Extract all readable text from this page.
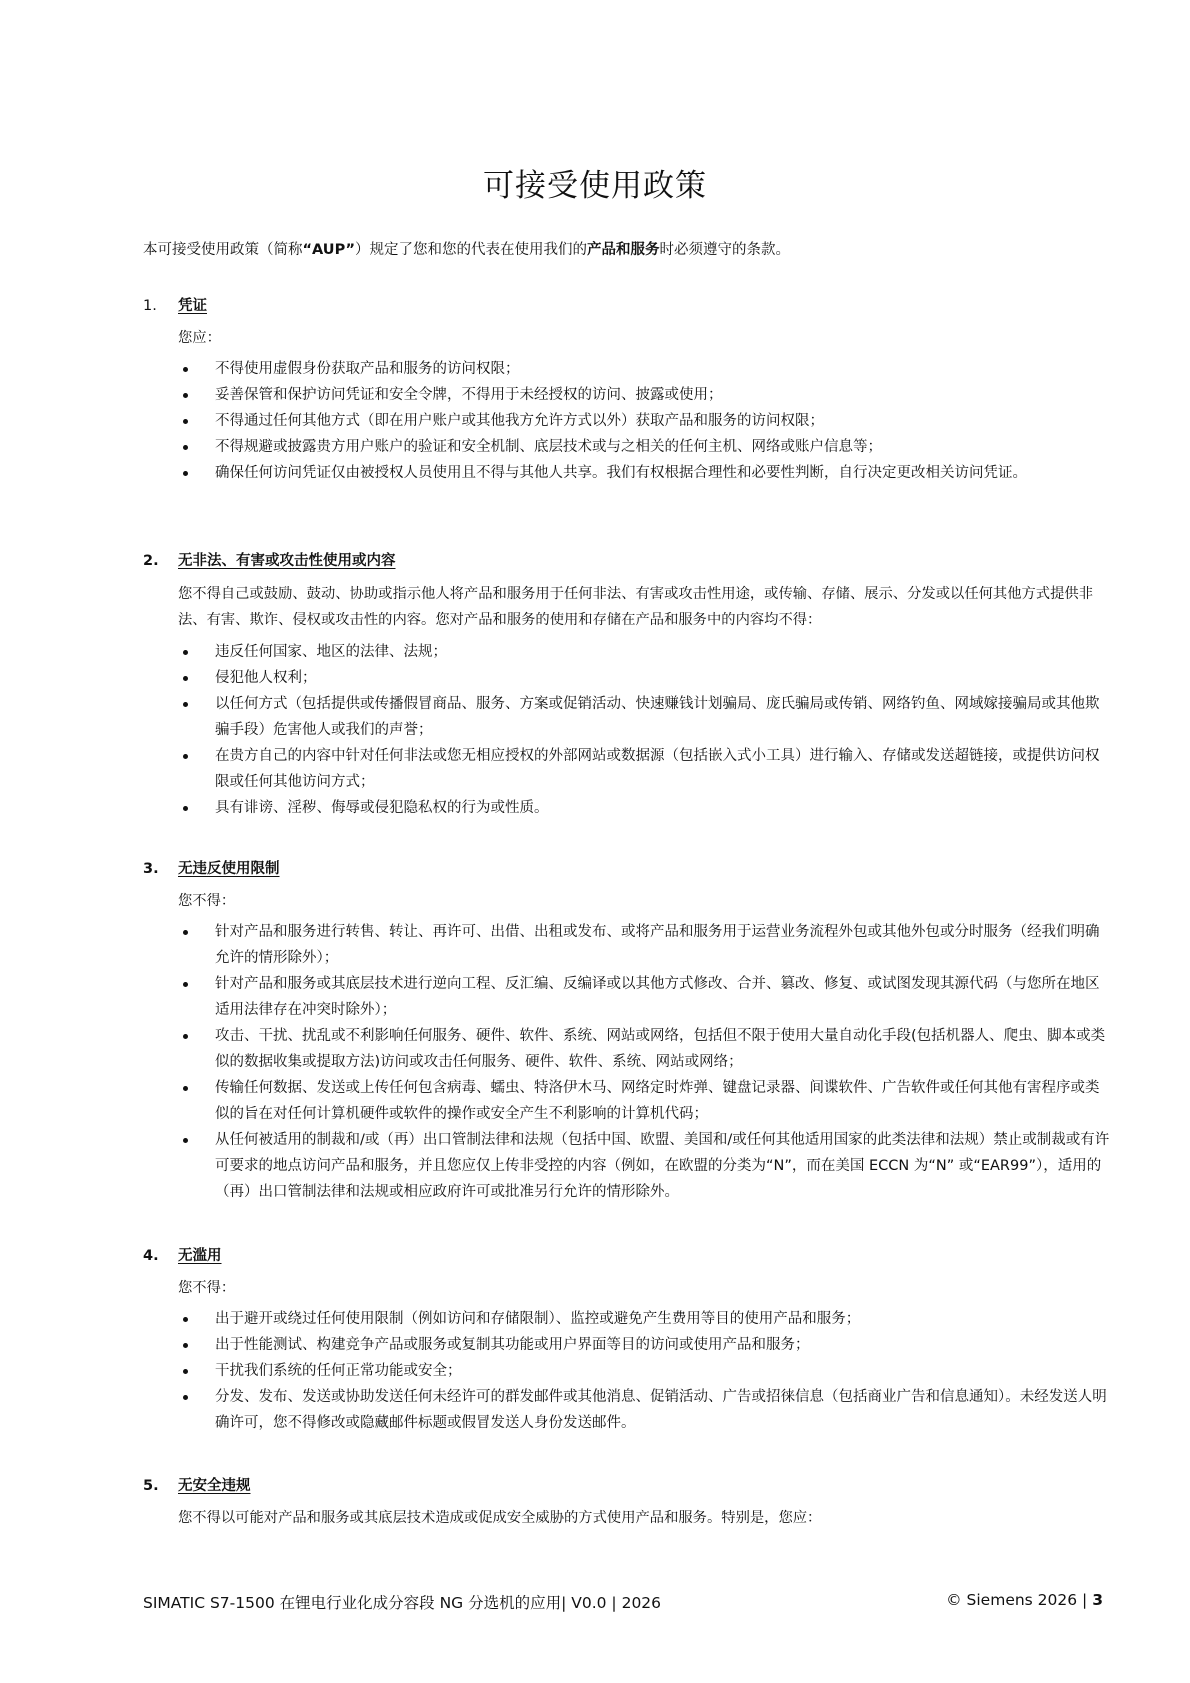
可接受使用政策

本可接受使用政策（简称“AUP”）规定了您和您的代表在使用我们的产品和服务时必须遵守的条款。

1. 凭证

您应：

不得使用虚假身份获取产品和服务的访问权限；
妥善保管和保护访问凭证和安全令牌，不得用于未经授权的访问、披露或使用；
不得通过任何其他方式（即在用户账户或其他我方允许方式以外）获取产品和服务的访问权限；
不得规避或披露贵方用户账户的验证和安全机制、底层技术或与之相关的任何主机、网络或账户信息等；
确保任何访问凭证仅由被授权人员使用且不得与其他人共享。我们有权根据合理性和必要性判断，自行决定更改相关访问凭证。
2. 无非法、有害或攻击性使用或内容

您不得自己或鼓励、鼓动、协助或指示他人将产品和服务用于任何非法、有害或攻击性用途，或传输、存储、展示、分发或以任何其他方式提供非法、有害、欺诈、侵权或攻击性的内容。您对产品和服务的使用和存储在产品和服务中的内容均不得：

违反任何国家、地区的法律、法规；
侵犯他人权利；
以任何方式（包括提供或传播假冒商品、服务、方案或促销活动、快速赚钱计划骗局、庞氏骗局或传销、网络钓鱼、网域嫁接骗局或其他欺骗手段）危害他人或我们的声誉；
在贵方自己的内容中针对任何非法或您无相应授权的外部网站或数据源（包括嵌入式小工具）进行输入、存储或发送超链接，或提供访问权限或任何其他访问方式；
具有诽谤、淫秽、侮辱或侵犯隐私权的行为或性质。
3. 无违反使用限制

您不得：

针对产品和服务进行转售、转让、再许可、出借、出租或发布、或将产品和服务用于运营业务流程外包或其他外包或分时服务（经我们明确允许的情形除外）；
针对产品和服务或其底层技术进行逆向工程、反汇编、反编译或以其他方式修改、合并、篡改、修复、或试图发现其源代码（与您所在地区适用法律存在冲突时除外）；
攻击、干扰、扰乱或不利影响任何服务、硬件、软件、系统、网站或网络，包括但不限于使用大量自动化手段(包括机器人、爬虫、脚本或类似的数据收集或提取方法)访问或攻击任何服务、硬件、软件、系统、网站或网络；
传输任何数据、发送或上传任何包含病毒、蠕虫、特洛伊木马、网络定时炸弹、键盘记录器、间谍软件、广告软件或任何其他有害程序或类似的旨在对任何计算机硬件或软件的操作或安全产生不利影响的计算机代码；
从任何被适用的制裁和/或（再）出口管制法律和法规（包括中国、欧盟、美国和/或任何其他适用国家的此类法律和法规）禁止或制裁或有许可要求的地点访问产品和服务，并且您应仅上传非受控的内容（例如，在欧盟的分类为“N”，而在美国 ECCN 为“N” 或“EAR99”），适用的（再）出口管制法律和法规或相应政府许可或批准另行允许的情形除外。
4. 无滥用

您不得：

出于避开或绕过任何使用限制（例如访问和存储限制）、监控或避免产生费用等目的使用产品和服务；
出于性能测试、构建竞争产品或服务或复制其功能或用户界面等目的访问或使用产品和服务；
干扰我们系统的任何正常功能或安全；
分发、发布、发送或协助发送任何未经许可的群发邮件或其他消息、促销活动、广告或招徕信息（包括商业广告和信息通知）。未经发送人明确许可，您不得修改或隐藏邮件标题或假冒发送人身份发送邮件。
5. 无安全违规

您不得以可能对产品和服务或其底层技术造成或促成安全威胁的方式使用产品和服务。特别是，您应：

SIMATIC S7-1500 在锂电行业化成分容段 NG 分选机的应用| V0.0 | 2026	© Siemens 2026 | 3
